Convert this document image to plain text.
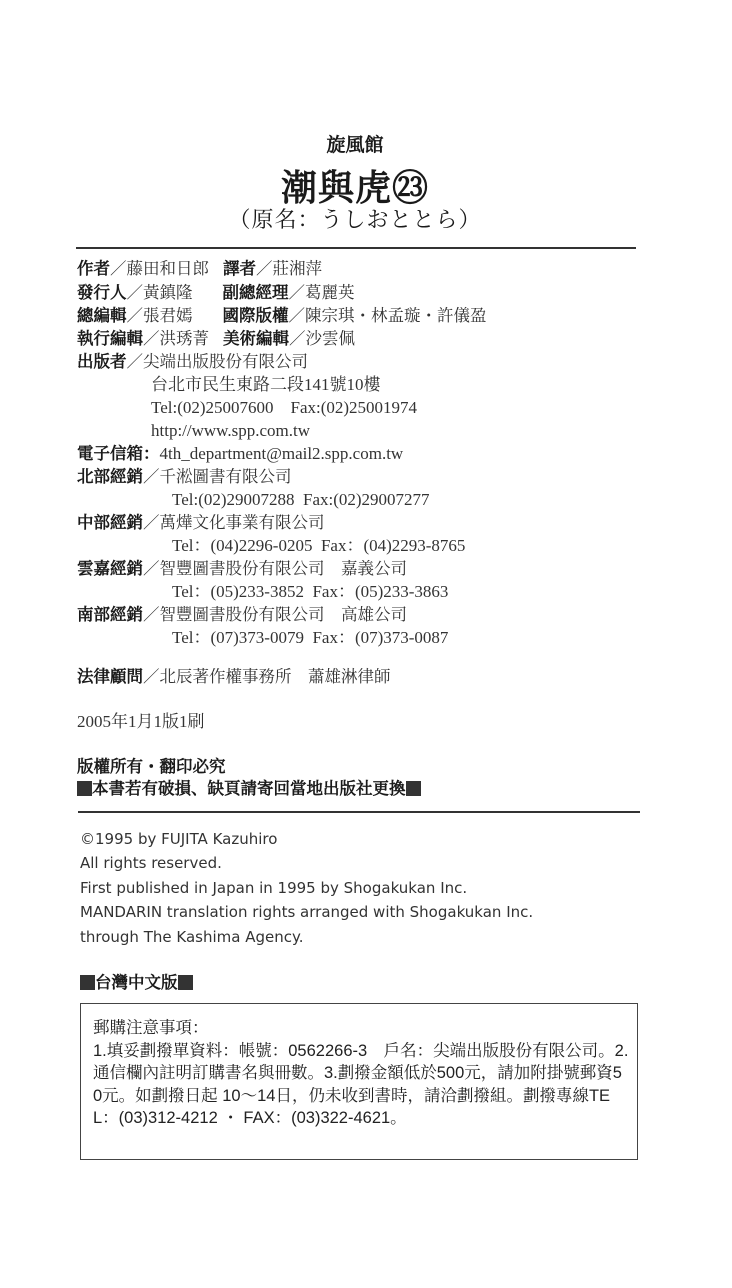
旋風館
潮與虎㉓
（原名：うしおととら）
作者／藤田和日郎 譯者／莊湘萍
發行人／黃鎮隆 副總經理／葛麗英
總編輯／張君嫣 國際版權／陳宗琪・林孟璇・許儀盈
執行編輯／洪琇菁 美術編輯／沙雲佩
出版者／尖端出版股份有限公司
台北市民生東路二段141號10樓
Tel:(02)25007600　Fax:(02)25001974
http://www.spp.com.tw
電子信箱：4th_department@mail2.spp.com.tw
北部經銷／千淞圖書有限公司
Tel:(02)29007288  Fax:(02)29007277
中部經銷／萬燁文化事業有限公司
Tel：(04)2296-0205  Fax：(04)2293-8765
雲嘉經銷／智豐圖書股份有限公司　嘉義公司
Tel：(05)233-3852  Fax：(05)233-3863
南部經銷／智豐圖書股份有限公司　高雄公司
Tel：(07)373-0079  Fax：(07)373-0087
法律顧問／北辰著作權事務所　蕭雄淋律師
2005年1月1版1刷
版權所有・翻印必究
本書若有破損、缺頁請寄回當地出版社更換
©1995 by FUJITA Kazuhiro
All rights reserved.
First published in Japan in 1995 by Shogakukan Inc.
MANDARIN translation rights arranged with Shogakukan Inc.
through The Kashima Agency.
台灣中文版
郵購注意事項：
1.填妥劃撥單資料：帳號：0562266-3　戶名：尖端出版股份有限公司。2.通信欄內註明訂購書名與冊數。3.劃撥金額低於500元，請加附掛號郵資50元。如劃撥日起 10～14日，仍未收到書時，請洽劃撥組。劃撥專線TEL：(03)312-4212 ・ FAX：(03)322-4621。
